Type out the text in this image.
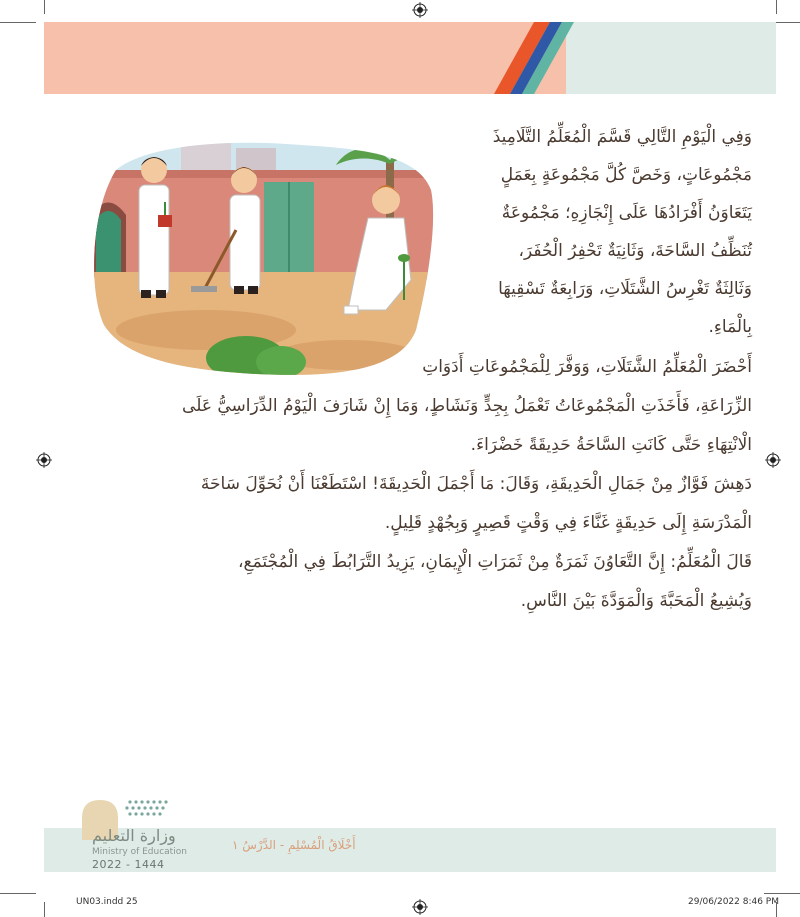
وَفِي الْيَوْمِ التَّالِي قَسَّمَ الْمُعَلِّمُ التَّلَامِيذَ
مَجْمُوعَاتٍ، وَخَصَّ كُلَّ مَجْمُوعَةٍ بِعَمَلٍ
يَتَعَاوَنُ أَفْرَادُهَا عَلَى إِنْجَازِهِ؛ مَجْمُوعَةٌ
تُنَظِّفُ السَّاحَةَ، وَثَانِيَةٌ تَحْفِرُ الْحُفَرَ،
وَثَالِثَةٌ تَغْرِسُ الشَّتَلَاتِ، وَرَابِعَةٌ تَسْقِيهَا
بِالْمَاءِ.
أَحْضَرَ الْمُعَلِّمُ الشَّتَلَاتِ، وَوَفَّرَ لِلْمَجْمُوعَاتِ أَدَوَاتِ
الزِّرَاعَةِ، فَأَخَذَتِ الْمَجْمُوعَاتُ تَعْمَلُ بِجِدٍّ وَنَشَاطٍ، وَمَا إِنْ شَارَفَ الْيَوْمُ الدِّرَاسِيُّ عَلَى
الْانْتِهَاءِ حَتَّى كَانَتِ السَّاحَةُ حَدِيقَةً خَضْرَاءَ.
دَهِشَ فَوَّازٌ مِنْ جَمَالِ الْحَدِيقَةِ، وَقَالَ: مَا أَجْمَلَ الْحَدِيقَةَ! اسْتَطَعْنَا أَنْ نُحَوِّلَ سَاحَةَ
الْمَدْرَسَةِ إِلَى حَدِيقَةٍ غَنَّاءَ فِي وَقْتٍ قَصِيرٍ وَبِجُهْدٍ قَلِيلٍ.
قَالَ الْمُعَلِّمُ: إِنَّ التَّعَاوُنَ ثَمَرَةٌ مِنْ ثَمَرَاتِ الْإِيمَانِ، يَزِيدُ التَّرَابُطَ فِي الْمُجْتَمَعِ،
وَيُشِيعُ الْمَحَبَّةَ وَالْمَوَدَّةَ بَيْنَ النَّاسِ.
وزارة التعليم
Ministry of Education
2022 - 1444
أَخْلَاقُ الْمُسْلِمِ - الدَّرْسُ ١
UN03.indd 25	29/06/2022 8:46 PM
